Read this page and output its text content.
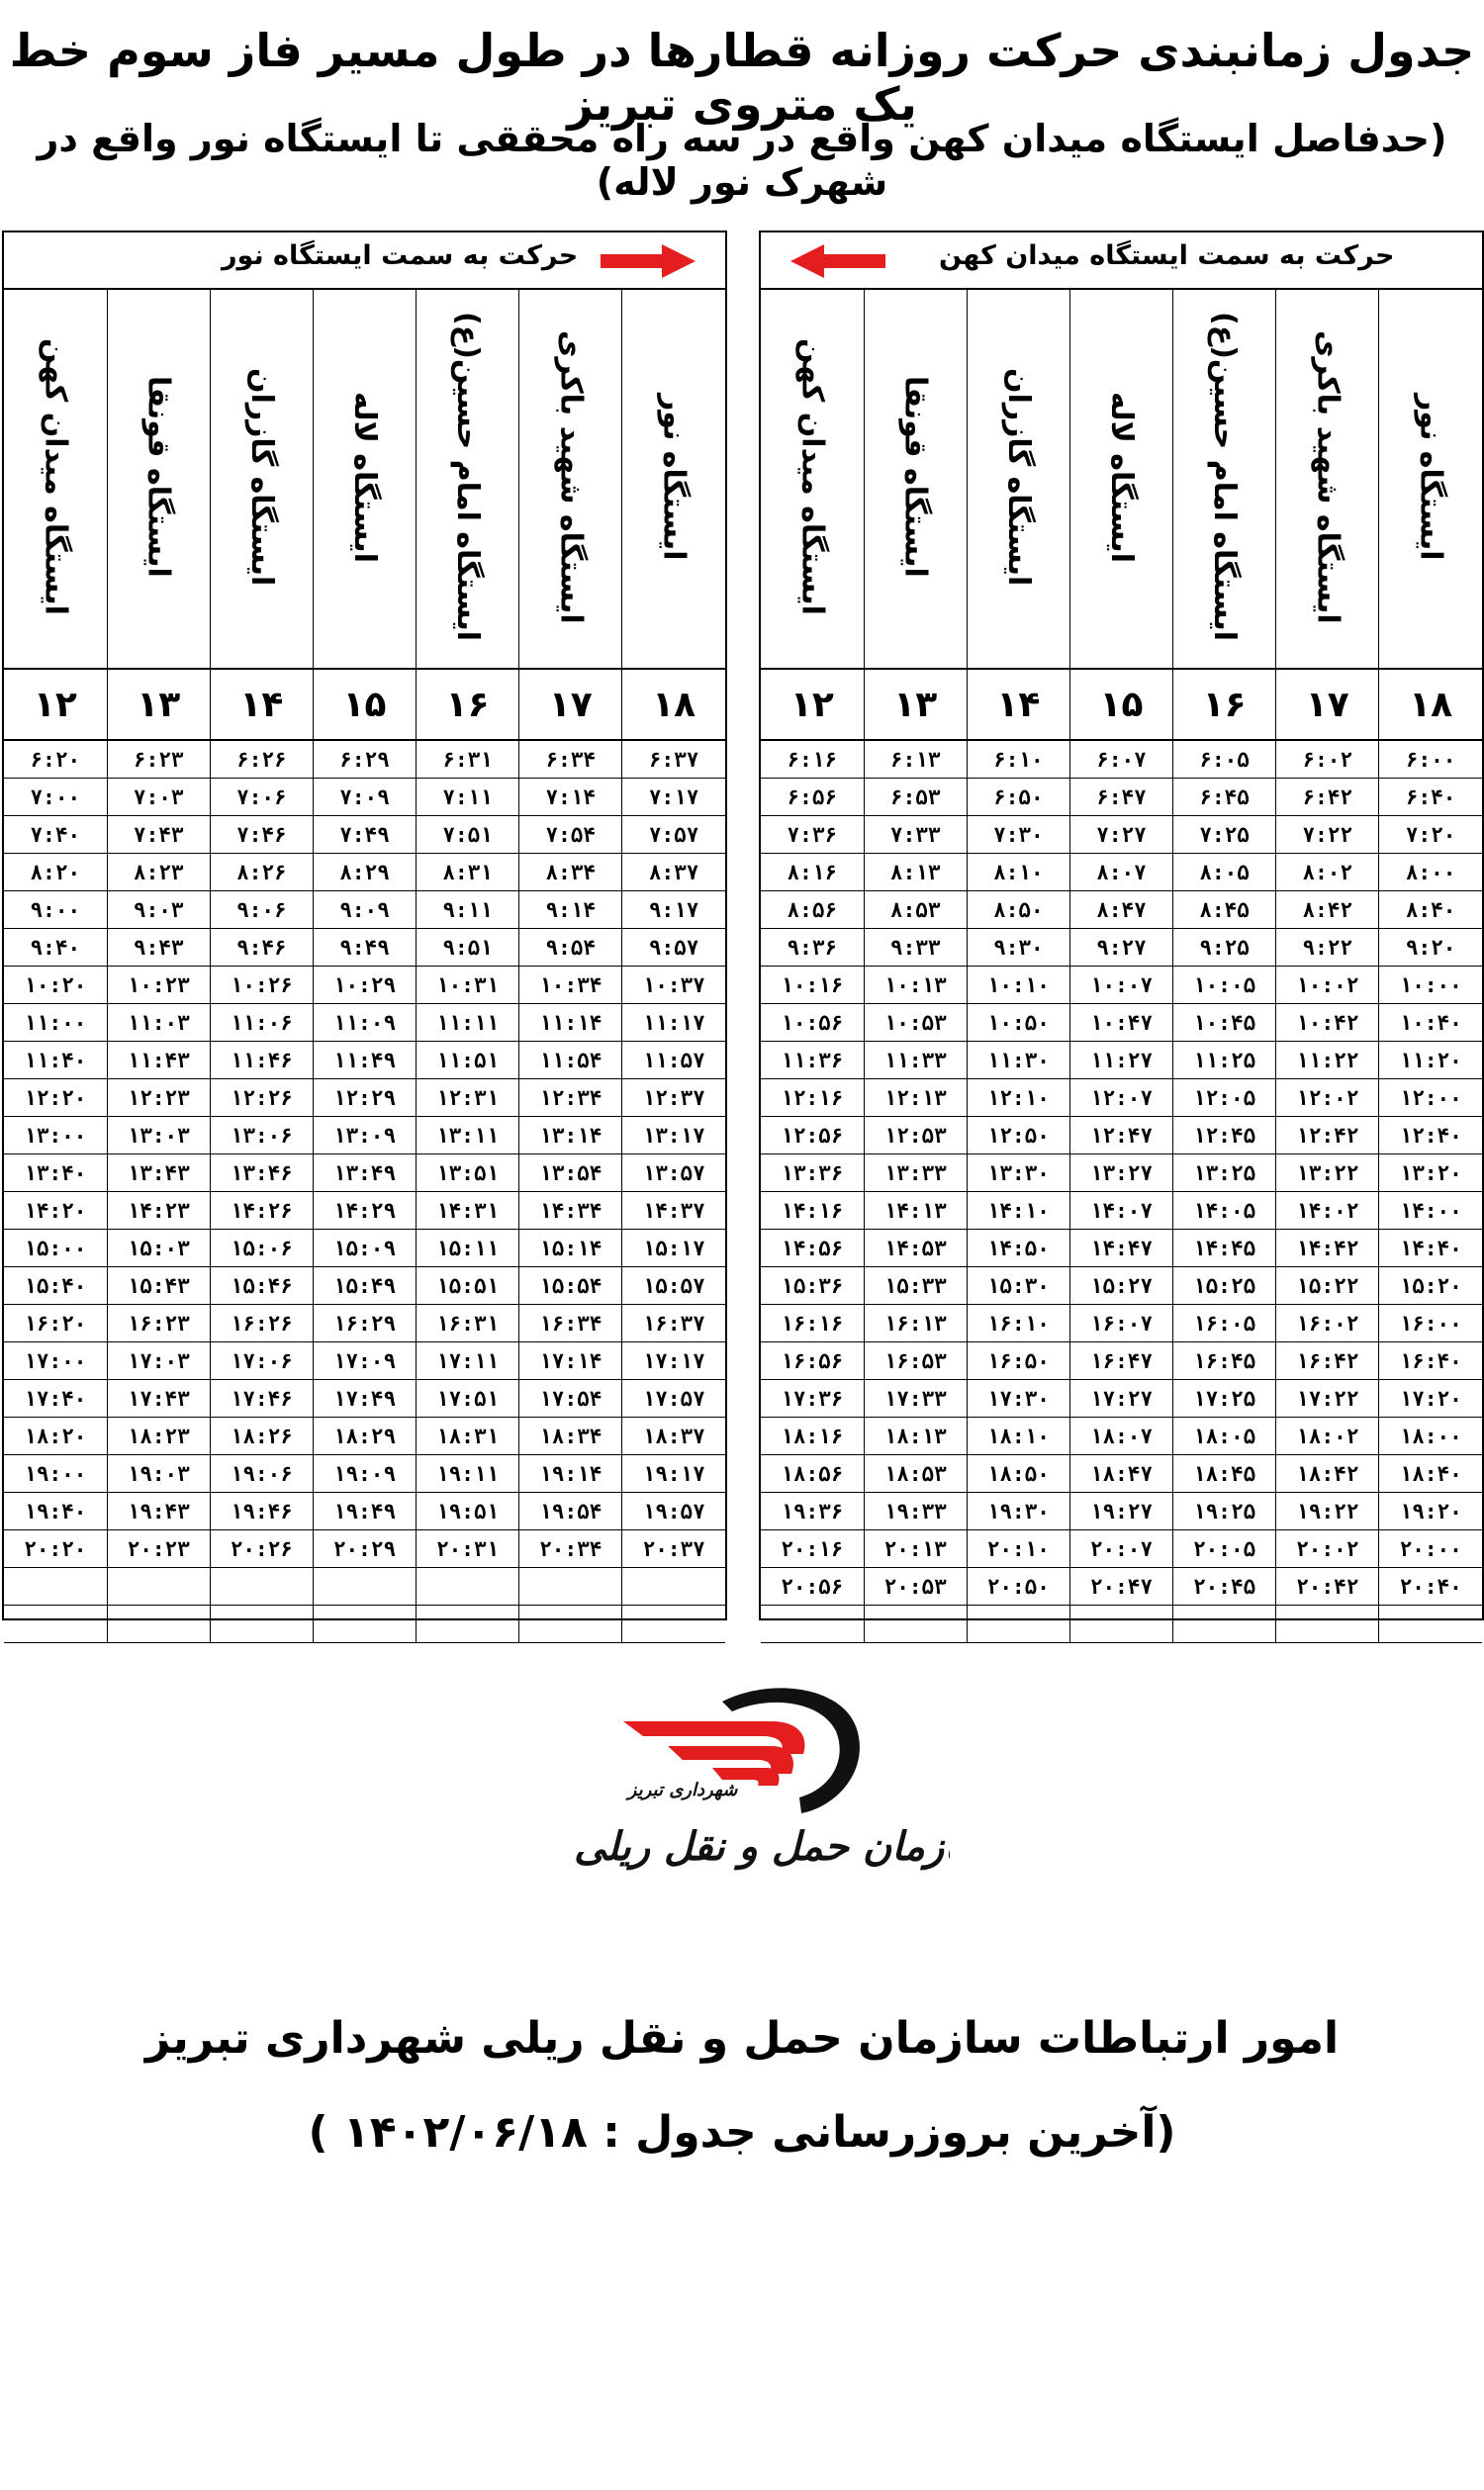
جدول زمانبندی حرکت روزانه قطارها در طول مسیر فاز سوم خط یک متروی تبریز
(حدفاصل ایستگاه میدان کهن واقع در سه راه محققی تا ایستگاه نور واقع در شهرک نور لاله)
حرکت به سمت ایستگاه نور
ایستگاه میدان کهن	ایستگاه قونقا	ایستگاه گازران	ایستگاه لاله	ایستگاه امام حسین(ع)	ایستگاه شهید باکری	ایستگاه نور
۱۲	۱۳	۱۴	۱۵	۱۶	۱۷	۱۸
۶:۲۰	۶:۲۳	۶:۲۶	۶:۲۹	۶:۳۱	۶:۳۴	۶:۳۷
۷:۰۰	۷:۰۳	۷:۰۶	۷:۰۹	۷:۱۱	۷:۱۴	۷:۱۷
۷:۴۰	۷:۴۳	۷:۴۶	۷:۴۹	۷:۵۱	۷:۵۴	۷:۵۷
۸:۲۰	۸:۲۳	۸:۲۶	۸:۲۹	۸:۳۱	۸:۳۴	۸:۳۷
۹:۰۰	۹:۰۳	۹:۰۶	۹:۰۹	۹:۱۱	۹:۱۴	۹:۱۷
۹:۴۰	۹:۴۳	۹:۴۶	۹:۴۹	۹:۵۱	۹:۵۴	۹:۵۷
۱۰:۲۰	۱۰:۲۳	۱۰:۲۶	۱۰:۲۹	۱۰:۳۱	۱۰:۳۴	۱۰:۳۷
۱۱:۰۰	۱۱:۰۳	۱۱:۰۶	۱۱:۰۹	۱۱:۱۱	۱۱:۱۴	۱۱:۱۷
۱۱:۴۰	۱۱:۴۳	۱۱:۴۶	۱۱:۴۹	۱۱:۵۱	۱۱:۵۴	۱۱:۵۷
۱۲:۲۰	۱۲:۲۳	۱۲:۲۶	۱۲:۲۹	۱۲:۳۱	۱۲:۳۴	۱۲:۳۷
۱۳:۰۰	۱۳:۰۳	۱۳:۰۶	۱۳:۰۹	۱۳:۱۱	۱۳:۱۴	۱۳:۱۷
۱۳:۴۰	۱۳:۴۳	۱۳:۴۶	۱۳:۴۹	۱۳:۵۱	۱۳:۵۴	۱۳:۵۷
۱۴:۲۰	۱۴:۲۳	۱۴:۲۶	۱۴:۲۹	۱۴:۳۱	۱۴:۳۴	۱۴:۳۷
۱۵:۰۰	۱۵:۰۳	۱۵:۰۶	۱۵:۰۹	۱۵:۱۱	۱۵:۱۴	۱۵:۱۷
۱۵:۴۰	۱۵:۴۳	۱۵:۴۶	۱۵:۴۹	۱۵:۵۱	۱۵:۵۴	۱۵:۵۷
۱۶:۲۰	۱۶:۲۳	۱۶:۲۶	۱۶:۲۹	۱۶:۳۱	۱۶:۳۴	۱۶:۳۷
۱۷:۰۰	۱۷:۰۳	۱۷:۰۶	۱۷:۰۹	۱۷:۱۱	۱۷:۱۴	۱۷:۱۷
۱۷:۴۰	۱۷:۴۳	۱۷:۴۶	۱۷:۴۹	۱۷:۵۱	۱۷:۵۴	۱۷:۵۷
۱۸:۲۰	۱۸:۲۳	۱۸:۲۶	۱۸:۲۹	۱۸:۳۱	۱۸:۳۴	۱۸:۳۷
۱۹:۰۰	۱۹:۰۳	۱۹:۰۶	۱۹:۰۹	۱۹:۱۱	۱۹:۱۴	۱۹:۱۷
۱۹:۴۰	۱۹:۴۳	۱۹:۴۶	۱۹:۴۹	۱۹:۵۱	۱۹:۵۴	۱۹:۵۷
۲۰:۲۰	۲۰:۲۳	۲۰:۲۶	۲۰:۲۹	۲۰:۳۱	۲۰:۳۴	۲۰:۳۷

حرکت به سمت ایستگاه میدان کهن
ایستگاه میدان کهن	ایستگاه قونقا	ایستگاه گازران	ایستگاه لاله	ایستگاه امام حسین(ع)	ایستگاه شهید باکری	ایستگاه نور
۱۲	۱۳	۱۴	۱۵	۱۶	۱۷	۱۸
۶:۱۶	۶:۱۳	۶:۱۰	۶:۰۷	۶:۰۵	۶:۰۲	۶:۰۰
۶:۵۶	۶:۵۳	۶:۵۰	۶:۴۷	۶:۴۵	۶:۴۲	۶:۴۰
۷:۳۶	۷:۳۳	۷:۳۰	۷:۲۷	۷:۲۵	۷:۲۲	۷:۲۰
۸:۱۶	۸:۱۳	۸:۱۰	۸:۰۷	۸:۰۵	۸:۰۲	۸:۰۰
۸:۵۶	۸:۵۳	۸:۵۰	۸:۴۷	۸:۴۵	۸:۴۲	۸:۴۰
۹:۳۶	۹:۳۳	۹:۳۰	۹:۲۷	۹:۲۵	۹:۲۲	۹:۲۰
۱۰:۱۶	۱۰:۱۳	۱۰:۱۰	۱۰:۰۷	۱۰:۰۵	۱۰:۰۲	۱۰:۰۰
۱۰:۵۶	۱۰:۵۳	۱۰:۵۰	۱۰:۴۷	۱۰:۴۵	۱۰:۴۲	۱۰:۴۰
۱۱:۳۶	۱۱:۳۳	۱۱:۳۰	۱۱:۲۷	۱۱:۲۵	۱۱:۲۲	۱۱:۲۰
۱۲:۱۶	۱۲:۱۳	۱۲:۱۰	۱۲:۰۷	۱۲:۰۵	۱۲:۰۲	۱۲:۰۰
۱۲:۵۶	۱۲:۵۳	۱۲:۵۰	۱۲:۴۷	۱۲:۴۵	۱۲:۴۲	۱۲:۴۰
۱۳:۳۶	۱۳:۳۳	۱۳:۳۰	۱۳:۲۷	۱۳:۲۵	۱۳:۲۲	۱۳:۲۰
۱۴:۱۶	۱۴:۱۳	۱۴:۱۰	۱۴:۰۷	۱۴:۰۵	۱۴:۰۲	۱۴:۰۰
۱۴:۵۶	۱۴:۵۳	۱۴:۵۰	۱۴:۴۷	۱۴:۴۵	۱۴:۴۲	۱۴:۴۰
۱۵:۳۶	۱۵:۳۳	۱۵:۳۰	۱۵:۲۷	۱۵:۲۵	۱۵:۲۲	۱۵:۲۰
۱۶:۱۶	۱۶:۱۳	۱۶:۱۰	۱۶:۰۷	۱۶:۰۵	۱۶:۰۲	۱۶:۰۰
۱۶:۵۶	۱۶:۵۳	۱۶:۵۰	۱۶:۴۷	۱۶:۴۵	۱۶:۴۲	۱۶:۴۰
۱۷:۳۶	۱۷:۳۳	۱۷:۳۰	۱۷:۲۷	۱۷:۲۵	۱۷:۲۲	۱۷:۲۰
۱۸:۱۶	۱۸:۱۳	۱۸:۱۰	۱۸:۰۷	۱۸:۰۵	۱۸:۰۲	۱۸:۰۰
۱۸:۵۶	۱۸:۵۳	۱۸:۵۰	۱۸:۴۷	۱۸:۴۵	۱۸:۴۲	۱۸:۴۰
۱۹:۳۶	۱۹:۳۳	۱۹:۳۰	۱۹:۲۷	۱۹:۲۵	۱۹:۲۲	۱۹:۲۰
۲۰:۱۶	۲۰:۱۳	۲۰:۱۰	۲۰:۰۷	۲۰:۰۵	۲۰:۰۲	۲۰:۰۰
۲۰:۵۶	۲۰:۵۳	۲۰:۵۰	۲۰:۴۷	۲۰:۴۵	۲۰:۴۲	۲۰:۴۰

سازمان حمل و نقل ریلی
شهرداری تبریز
امور ارتباطات سازمان حمل و نقل ریلی شهرداری تبریز
(آخرین بروزرسانی جدول : ۱۴۰۲/۰۶/۱۸ )
